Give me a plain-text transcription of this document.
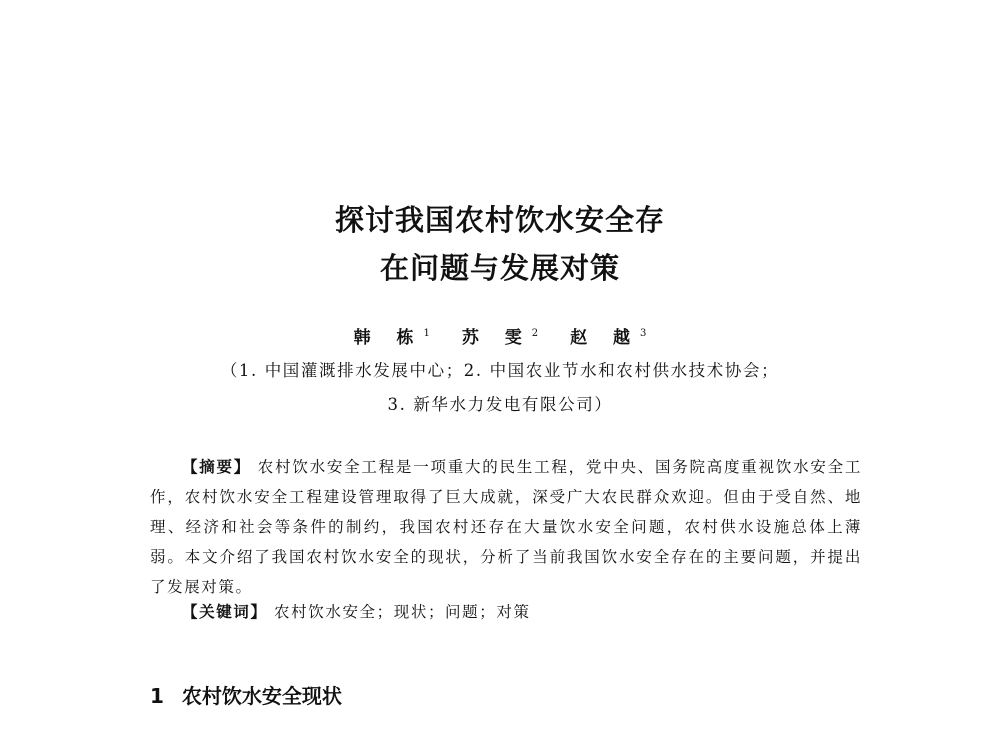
探讨我国农村饮水安全存
在问题与发展对策
韩 栋$^1$ 苏 雯$^2$ 赵 越$^3$
（1. 中国灌溉排水发展中心；2. 中国农业节水和农村供水技术协会；
3. 新华水力发电有限公司）

【摘要】 农村饮水安全工程是一项重大的民生工程，党中央、国务院高度重视饮水安全工作，农村饮水安全工程建设管理取得了巨大成就，深受广大农民群众欢迎。但由于受自然、地理、经济和社会等条件的制约，我国农村还存在大量饮水安全问题，农村供水设施总体上薄弱。本文介绍了我国农村饮水安全的现状，分析了当前我国饮水安全存在的主要问题，并提出了发展对策。

【关键词】 农村饮水安全；现状；问题；对策

1 农村饮水安全现状
